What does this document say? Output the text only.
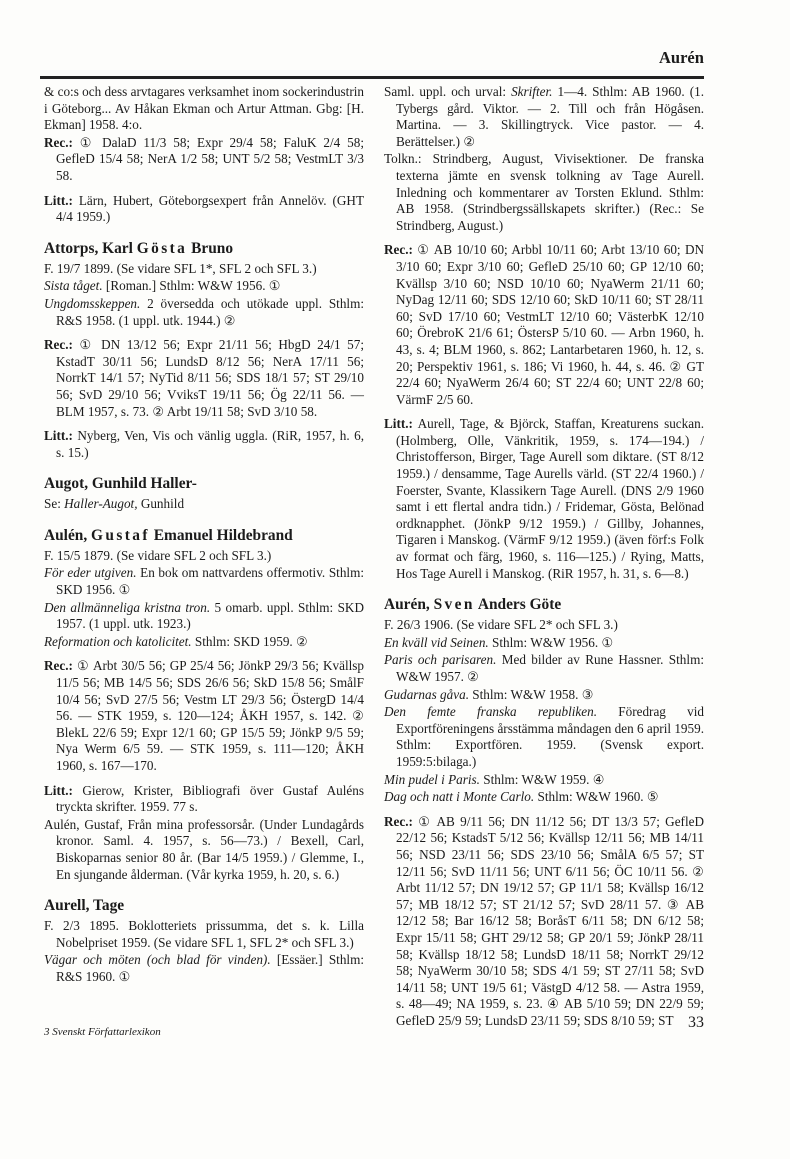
Aurén

& co:s och dess arvtagares verksamhet inom sockerindustrin i Göteborg... Av Håkan Ekman och Artur Attman. Gbg: [H. Ekman] 1958. 4:o.

Rec.: ① DalaD 11/3 58; Expr 29/4 58; FaluK 2/4 58; GefleD 15/4 58; NerA 1/2 58; UNT 5/2 58; VestmLT 3/3 58.

Litt.: Lärn, Hubert, Göteborgsexpert från Annelöv. (GHT 4/4 1959.)

Attorps, Karl Gösta Bruno

F. 19/7 1899. (Se vidare SFL 1*, SFL 2 och SFL 3.)

Sista tåget. [Roman.] Sthlm: W&W 1956. ①

Ungdomsskeppen. 2 översedda och utökade uppl. Sthlm: R&S 1958. (1 uppl. utk. 1944.) ②

Rec.: ① DN 13/12 56; Expr 21/11 56; HbgD 24/1 57; KstadT 30/11 56; LundsD 8/12 56; NerA 17/11 56; NorrkT 14/1 57; NyTid 8/11 56; SDS 18/1 57; ST 29/10 56; SvD 29/10 56; VviksT 19/11 56; Ög 22/11 56. — BLM 1957, s. 73. ② Arbt 19/11 58; SvD 3/10 58.

Litt.: Nyberg, Ven, Vis och vänlig uggla. (RiR, 1957, h. 6, s. 15.)

Augot, Gunhild Haller-

Se: Haller-Augot, Gunhild

Aulén, Gustaf Emanuel Hildebrand

F. 15/5 1879. (Se vidare SFL 2 och SFL 3.)

För eder utgiven. En bok om nattvardens offermotiv. Sthlm: SKD 1956. ①

Den allmänneliga kristna tron. 5 omarb. uppl. Sthlm: SKD 1957. (1 uppl. utk. 1923.)

Reformation och katolicitet. Sthlm: SKD 1959. ②

Rec.: ① Arbt 30/5 56; GP 25/4 56; JönkP 29/3 56; Kvällsp 11/5 56; MB 14/5 56; SDS 26/6 56; SkD 15/8 56; SmålF 10/4 56; SvD 27/5 56; Vestm LT 29/3 56; ÖstergD 14/4 56. — STK 1959, s. 120—124; ÅKH 1957, s. 142. ② BlekL 22/6 59; Expr 12/1 60; GP 15/5 59; JönkP 9/5 59; Nya Werm 6/5 59. — STK 1959, s. 111—120; ÅKH 1960, s. 167—170.

Litt.: Gierow, Krister, Bibliografi över Gustaf Auléns tryckta skrifter. 1959. 77 s.

Aulén, Gustaf, Från mina professorsår. (Under Lundagårds kronor. Saml. 4. 1957, s. 56—73.) / Bexell, Carl, Biskoparnas senior 80 år. (Bar 14/5 1959.) / Glemme, I., En sjungande ålderman. (Vår kyrka 1959, h. 20, s. 6.)

Aurell, Tage

F. 2/3 1895. Boklotteriets prissumma, det s. k. Lilla Nobelpriset 1959. (Se vidare SFL 1, SFL 2* och SFL 3.)

Vägar och möten (och blad för vinden). [Essäer.] Sthlm: R&S 1960. ①

Saml. uppl. och urval: Skrifter. 1—4. Sthlm: AB 1960. (1. Tybergs gård. Viktor. — 2. Till och från Högåsen. Martina. — 3. Skillingtryck. Vice pastor. — 4. Berättelser.) ②

Tolkn.: Strindberg, August, Vivisektioner. De franska texterna jämte en svensk tolkning av Tage Aurell. Inledning och kommentarer av Torsten Eklund. Sthlm: AB 1958. (Strindbergssällskapets skrifter.) (Rec.: Se Strindberg, August.)

Rec.: ① AB 10/10 60; Arbbl 10/11 60; Arbt 13/10 60; DN 3/10 60; Expr 3/10 60; GefleD 25/10 60; GP 12/10 60; Kvällsp 3/10 60; NSD 10/10 60; NyaWerm 21/11 60; NyDag 12/11 60; SDS 12/10 60; SkD 10/11 60; ST 28/11 60; SvD 17/10 60; VestmLT 12/10 60; VästerbK 12/10 60; ÖrebroK 21/6 61; ÖstersP 5/10 60. — Arbn 1960, h. 43, s. 4; BLM 1960, s. 862; Lantarbetaren 1960, h. 12, s. 20; Perspektiv 1961, s. 186; Vi 1960, h. 44, s. 46. ② GT 22/4 60; NyaWerm 26/4 60; ST 22/4 60; UNT 22/8 60; VärmF 2/5 60.

Litt.: Aurell, Tage, & Björck, Staffan, Kreaturens suckan. (Holmberg, Olle, Vänkritik, 1959, s. 174—194.) / Christofferson, Birger, Tage Aurell som diktare. (ST 8/12 1959.) / densamme, Tage Aurells värld. (ST 22/4 1960.) / Foerster, Svante, Klassikern Tage Aurell. (DNS 2/9 1960 samt i ett flertal andra tidn.) / Fridemar, Gösta, Belönad ordknapphet. (JönkP 9/12 1959.) / Gillby, Johannes, Tigaren i Manskog. (VärmF 9/12 1959.) (även förf:s Folk av format och färg, 1960, s. 116—125.) / Rying, Matts, Hos Tage Aurell i Manskog. (RiR 1957, h. 31, s. 6—8.)

Aurén, Sven Anders Göte

F. 26/3 1906. (Se vidare SFL 2* och SFL 3.)

En kväll vid Seinen. Sthlm: W&W 1956. ①

Paris och parisaren. Med bilder av Rune Hassner. Sthlm: W&W 1957. ②

Gudarnas gåva. Sthlm: W&W 1958. ③

Den femte franska republiken. Föredrag vid Exportföreningens årsstämma måndagen den 6 april 1959. Sthlm: Exportfören. 1959. (Svensk export. 1959:5:bilaga.)

Min pudel i Paris. Sthlm: W&W 1959. ④

Dag och natt i Monte Carlo. Sthlm: W&W 1960. ⑤

Rec.: ① AB 9/11 56; DN 11/12 56; DT 13/3 57; GefleD 22/12 56; KstadsT 5/12 56; Kvällsp 12/11 56; MB 14/11 56; NSD 23/11 56; SDS 23/10 56; SmålA 6/5 57; ST 12/11 56; SvD 11/11 56; UNT 6/11 56; ÖC 10/11 56. ② Arbt 11/12 57; DN 19/12 57; GP 11/1 58; Kvällsp 16/12 57; MB 18/12 57; ST 21/12 57; SvD 28/11 57. ③ AB 12/12 58; Bar 16/12 58; BoråsT 6/11 58; DN 6/12 58; Expr 15/11 58; GHT 29/12 58; GP 20/1 59; JönkP 28/11 58; Kvällsp 18/12 58; LundsD 18/11 58; NorrkT 29/12 58; NyaWerm 30/10 58; SDS 4/1 59; ST 27/11 58; SvD 14/11 58; UNT 19/5 61; VästgD 4/12 58. — Astra 1959, s. 48—49; NA 1959, s. 23. ④ AB 5/10 59; DN 22/9 59; GefleD 25/9 59; LundsD 23/11 59; SDS 8/10 59; ST

3 Svenskt Författarlexikon
33
